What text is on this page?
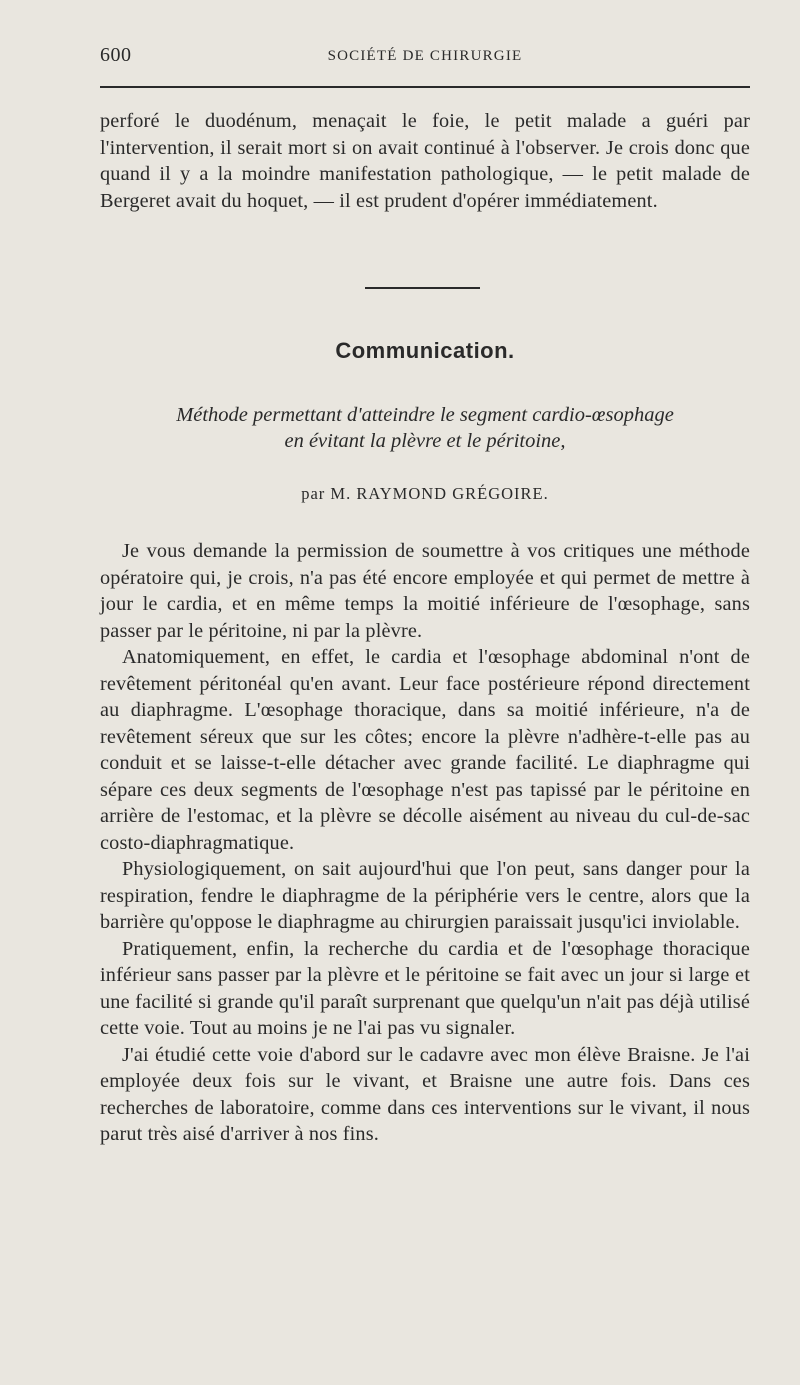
600	SOCIÉTÉ DE CHIRURGIE

perforé le duodénum, menaçait le foie, le petit malade a guéri par l'intervention, il serait mort si on avait continué à l'observer. Je crois donc que quand il y a la moindre manifestation pathologique, — le petit malade de Bergeret avait du hoquet, — il est prudent d'opérer immédiatement.

Communication.
Méthode permettant d'atteindre le segment cardio-œsophage
en évitant la plèvre et le péritoine,
par M. RAYMOND GRÉGOIRE.

Je vous demande la permission de soumettre à vos critiques une méthode opératoire qui, je crois, n'a pas été encore employée et qui permet de mettre à jour le cardia, et en même temps la moitié inférieure de l'œsophage, sans passer par le péritoine, ni par la plèvre.

Anatomiquement, en effet, le cardia et l'œsophage abdominal n'ont de revêtement péritonéal qu'en avant. Leur face postérieure répond directement au diaphragme. L'œsophage thoracique, dans sa moitié inférieure, n'a de revêtement séreux que sur les côtes; encore la plèvre n'adhère-t-elle pas au conduit et se laisse-t-elle détacher avec grande facilité. Le diaphragme qui sépare ces deux segments de l'œsophage n'est pas tapissé par le péritoine en arrière de l'estomac, et la plèvre se décolle aisément au niveau du cul-de-sac costo-diaphragmatique.

Physiologiquement, on sait aujourd'hui que l'on peut, sans danger pour la respiration, fendre le diaphragme de la périphérie vers le centre, alors que la barrière qu'oppose le diaphragme au chirurgien paraissait jusqu'ici inviolable.

Pratiquement, enfin, la recherche du cardia et de l'œsophage thoracique inférieur sans passer par la plèvre et le péritoine se fait avec un jour si large et une facilité si grande qu'il paraît surprenant que quelqu'un n'ait pas déjà utilisé cette voie. Tout au moins je ne l'ai pas vu signaler.

J'ai étudié cette voie d'abord sur le cadavre avec mon élève Braisne. Je l'ai employée deux fois sur le vivant, et Braisne une autre fois. Dans ces recherches de laboratoire, comme dans ces interventions sur le vivant, il nous parut très aisé d'arriver à nos fins.
